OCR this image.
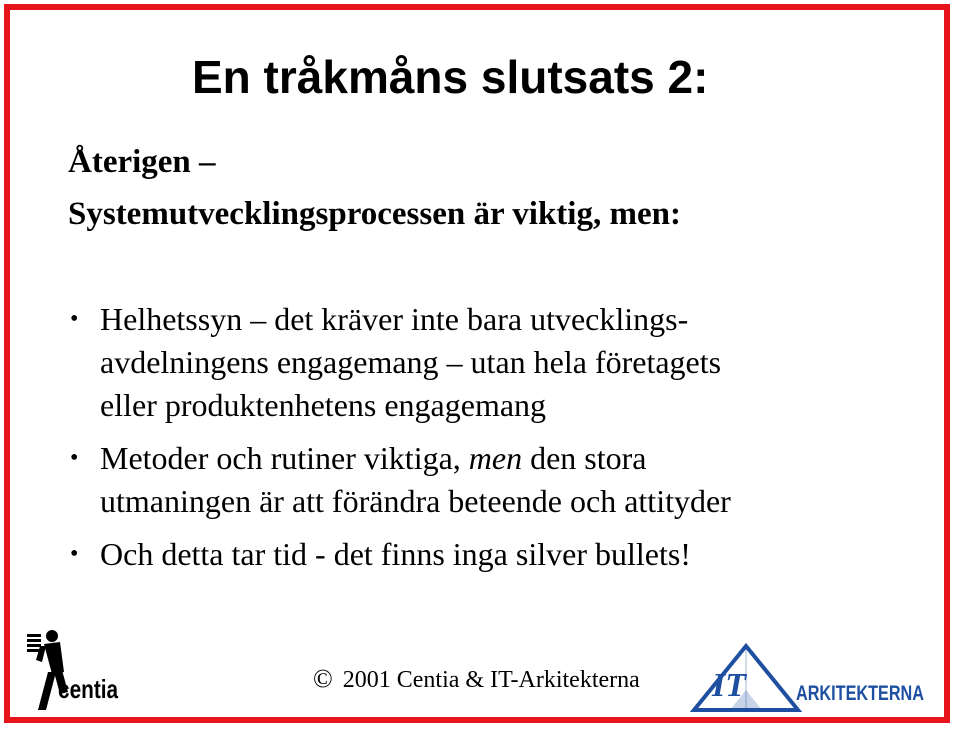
En tråkmåns slutsats 2:
Återigen –
Systemutvecklingsprocessen är viktig, men:
• Helhetssyn – det kräver inte bara utvecklings-
avdelningens engagemang – utan hela företagets
eller produktenhetens engagemang
• Metoder och rutiner viktiga, men den stora
utmaningen är att förändra beteende och attityder
• Och detta tar tid - det finns inga silver bullets!
centia	© 2001 Centia & IT-Arkitekterna IT ARKITEKTERNA
